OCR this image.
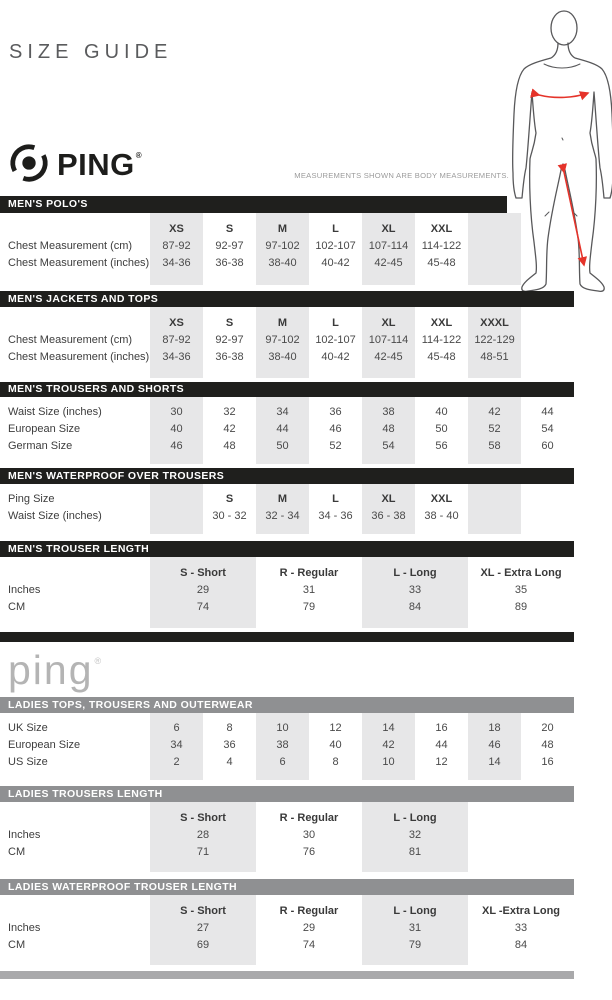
SIZE GUIDE
PING ®
MEASUREMENTS SHOWN ARE BODY MEASUREMENTS.
MEN'S POLO'S
XS	S	M	L	XL	XXL
Chest Measurement (cm)	87-92	92-97	97-102	102-107	107-114	114-122
Chest Measurement (inches)	34-36	36-38	38-40	40-42	42-45	45-48
MEN'S JACKETS AND TOPS
XS	S	M	L	XL	XXL	XXXL
Chest Measurement (cm)	87-92	92-97	97-102	102-107	107-114	114-122	122-129
Chest Measurement (inches)	34-36	36-38	38-40	40-42	42-45	45-48	48-51
MEN'S TROUSERS AND SHORTS
Waist Size (inches)	30	32	34	36	38	40	42	44
European Size	40	42	44	46	48	50	52	54
German Size	46	48	50	52	54	56	58	60
MEN'S WATERPROOF OVER TROUSERS
Ping Size	S	M	L	XL	XXL
Waist Size (inches)	30 - 32	32 - 34	34 - 36	36 - 38	38 - 40
MEN'S TROUSER LENGTH
S - Short	R - Regular	L - Long	XL - Extra Long
Inches	29	31	33	35
CM	74	79	84	89
ping®
LADIES TOPS, TROUSERS AND OUTERWEAR
UK Size	6	8	10	12	14	16	18	20
European Size	34	36	38	40	42	44	46	48
US Size	2	4	6	8	10	12	14	16
LADIES TROUSERS LENGTH
S - Short	R - Regular	L - Long
Inches	28	30	32
CM	71	76	81
LADIES WATERPROOF TROUSER LENGTH
S - Short	R - Regular	L - Long	XL -Extra Long
Inches	27	29	31	33
CM	69	74	79	84
